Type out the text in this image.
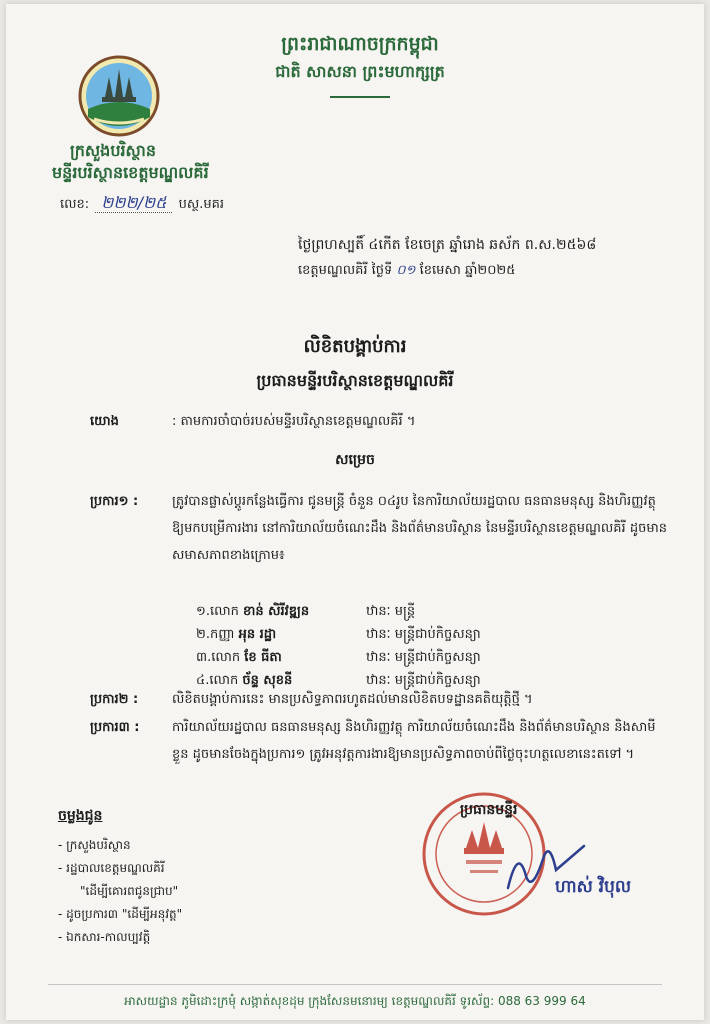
ព្រះរាជាណាចក្រកម្ពុជា
ជាតិ សាសនា ព្រះមហាក្សត្រ
ក្រសួងបរិស្ថាន
មន្ទីរបរិស្ថានខេត្តមណ្ឌលគិរី
លេខ: ២២២/២៥ បស្ថ.មគរ
ថ្ងៃព្រហស្បតិ៍ ៤កើត ខែចេត្រ ឆ្នាំរោង ឆស័ក ព.ស.២៥៦៨
ខេត្តមណ្ឌលគិរី ថ្ងៃទី ០១ ខែមេសា ឆ្នាំ២០២៥
លិខិតបង្គាប់ការ
ប្រធានមន្ទីរបរិស្ថានខេត្តមណ្ឌលគិរី
យោង	: តាមការចាំបាច់របស់មន្ទីរបរិស្ថានខេត្តមណ្ឌលគិរី ។
សម្រេច
ប្រការ១ :	ត្រូវបានផ្លាស់ប្តូរកន្លែងធ្វើការ ជូនមន្ត្រី ចំនួន ០៤រូប នៃការិយាល័យរដ្ឋបាល ធនធានមនុស្ស និងហិរញ្ញវត្ថុ ឱ្យមកបម្រើការងារ នៅការិយាល័យចំណេះដឹង និងព័ត៌មានបរិស្ថាន នៃមន្ទីរបរិស្ថានខេត្តមណ្ឌលគិរី ដូចមានសមាសភាពខាងក្រោម៖
១.លោក ខាន់ សិរីវឌ្ឍន	ឋានៈ មន្ត្រី
២.កញ្ញា អុន រដ្ឋា	ឋានៈ មន្ត្រីជាប់កិច្ចសន្យា
៣.លោក ខែ ធីតា	ឋានៈ មន្ត្រីជាប់កិច្ចសន្យា
៤.លោក ច័ន្ទ សុខនី	ឋានៈ មន្ត្រីជាប់កិច្ចសន្យា
ប្រការ២ :	លិខិតបង្គាប់ការនេះ មានប្រសិទ្ធភាពរហូតដល់មានលិខិតបទដ្ឋានគតិយុត្តិថ្មី ។
ប្រការ៣ :	ការិយាល័យរដ្ឋបាល ធនធានមនុស្ស និងហិរញ្ញវត្ថុ ការិយាល័យចំណេះដឹង និងព័ត៌មានបរិស្ថាន និងសាមីខ្លួន ដូចមានចែងក្នុងប្រការ១ ត្រូវអនុវត្តការងារឱ្យមានប្រសិទ្ធភាពចាប់ពីថ្ងៃចុះហត្ថលេខានេះតទៅ ។
ចម្លងជូន
- ក្រសួងបរិស្ថាន
- រដ្ឋបាលខេត្តមណ្ឌលគិរី
"ដើម្បីគោរពជូនជ្រាប"
- ដូចប្រការ៣ "ដើម្បីអនុវត្ត"
- ឯកសារ-កាលប្បវត្តិ
ប្រធានមន្ទីរ
ហាស់ វិបុល
អាសយដ្ឋាន ភូមិដោះក្រមុំ សង្កាត់សុខដុម ក្រុងសែនមនោរម្យ ខេត្តមណ្ឌលគិរី ទូរស័ព្ទ: 088 63 999 64
